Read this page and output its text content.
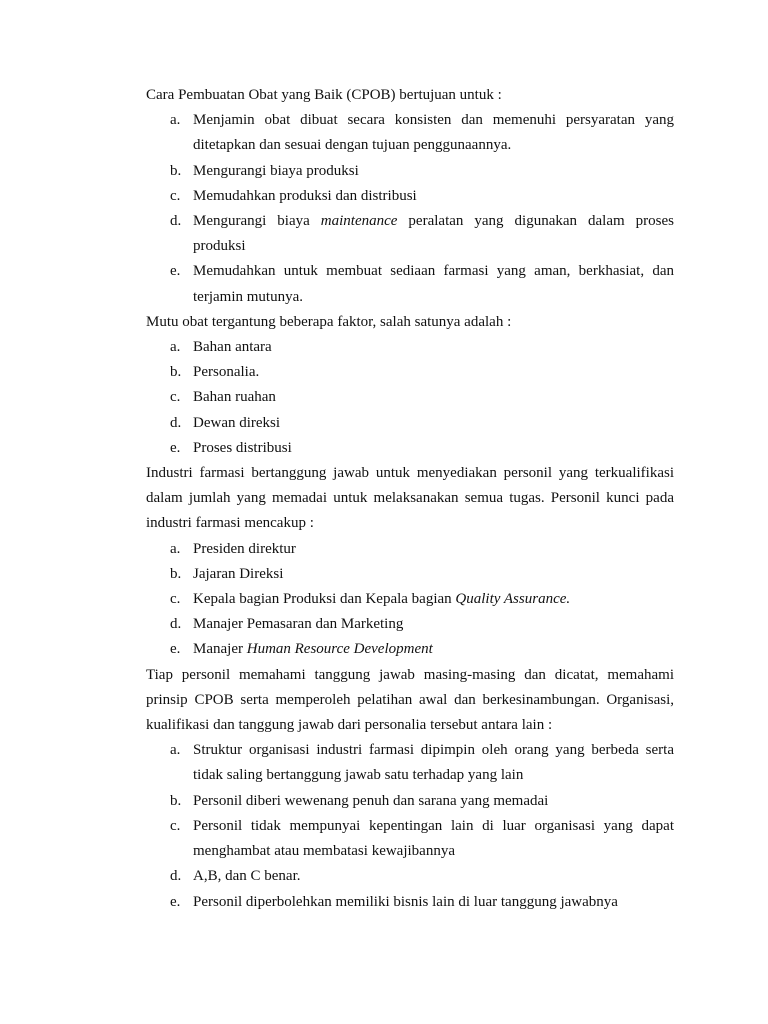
Cara Pembuatan Obat yang Baik (CPOB) bertujuan untuk :

a. Menjamin obat dibuat secara konsisten dan memenuhi persyaratan yang ditetapkan dan sesuai dengan tujuan penggunaannya.
b. Mengurangi biaya produksi
c. Memudahkan produksi dan distribusi
d. Mengurangi biaya maintenance peralatan yang digunakan dalam proses produksi
e. Memudahkan untuk membuat sediaan farmasi yang aman, berkhasiat, dan terjamin mutunya.

Mutu obat tergantung beberapa faktor, salah satunya adalah :

a. Bahan antara
b. Personalia.
c. Bahan ruahan
d. Dewan direksi
e. Proses distribusi

Industri farmasi bertanggung jawab untuk menyediakan personil yang terkualifikasi dalam jumlah yang memadai untuk melaksanakan semua tugas. Personil kunci pada industri farmasi mencakup :

a. Presiden direktur
b. Jajaran Direksi
c. Kepala bagian Produksi dan Kepala bagian Quality Assurance.
d. Manajer Pemasaran dan Marketing
e. Manajer Human Resource Development

Tiap personil memahami tanggung jawab masing-masing dan dicatat, memahami prinsip CPOB serta memperoleh pelatihan awal dan berkesinambungan. Organisasi, kualifikasi dan tanggung jawab dari personalia tersebut antara lain :

a. Struktur organisasi industri farmasi dipimpin oleh orang yang berbeda serta tidak saling bertanggung jawab satu terhadap yang lain
b. Personil diberi wewenang penuh dan sarana yang memadai
c. Personil tidak mempunyai kepentingan lain di luar organisasi yang dapat menghambat atau membatasi kewajibannya
d. A,B, dan C benar.
e. Personil diperbolehkan memiliki bisnis lain di luar tanggung jawabnya
